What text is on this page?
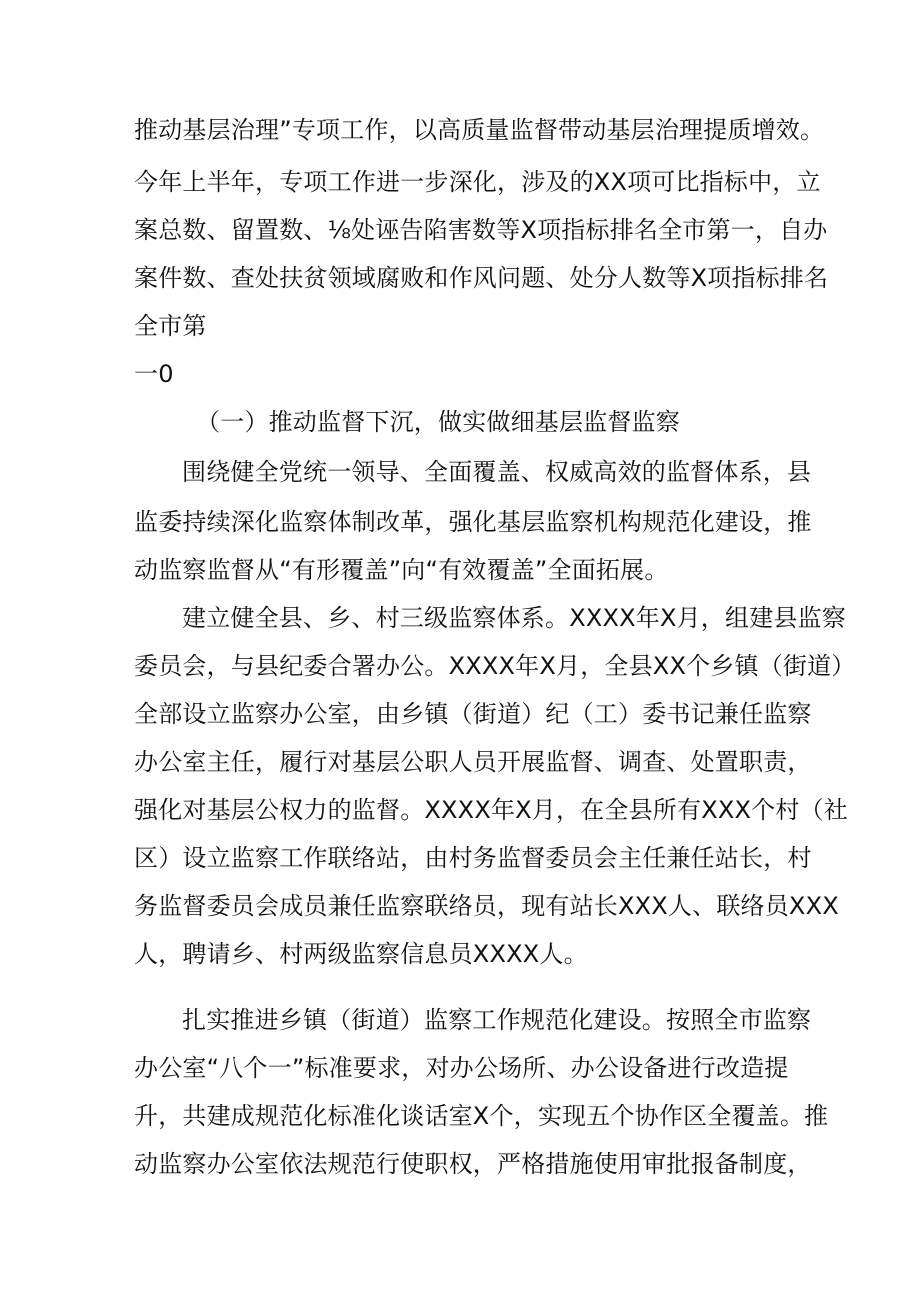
推动基层治理”专项工作，以高质量监督带动基层治理提质增效。
今年上半年，专项工作进一步深化，涉及的XX项可比指标中，立
案总数、留置数、⅛处诬告陷害数等X项指标排名全市第一，自办
案件数、查处扶贫领域腐败和作风问题、处分人数等X项指标排名
全市第
一0
（一）推动监督下沉，做实做细基层监督监察
围绕健全党统一领导、全面覆盖、权威高效的监督体系，县
监委持续深化监察体制改革，强化基层监察机构规范化建设，推
动监察监督从“有形覆盖”向“有效覆盖”全面拓展。
建立健全县、乡、村三级监察体系。XXXX年X月，组建县监察
委员会，与县纪委合署办公。XXXX年X月，全县XX个乡镇（街道）
全部设立监察办公室，由乡镇（街道）纪（工）委书记兼任监察
办公室主任，履行对基层公职人员开展监督、调查、处置职责，
强化对基层公权力的监督。XXXX年X月，在全县所有XXX个村（社
区）设立监察工作联络站，由村务监督委员会主任兼任站长，村
务监督委员会成员兼任监察联络员，现有站长XXX人、联络员XXX
人，聘请乡、村两级监察信息员XXXX人。
扎实推进乡镇（街道）监察工作规范化建设。按照全市监察
办公室“八个一”标准要求，对办公场所、办公设备进行改造提
升，共建成规范化标准化谈话室X个，实现五个协作区全覆盖。推
动监察办公室依法规范行使职权，严格措施使用审批报备制度，
